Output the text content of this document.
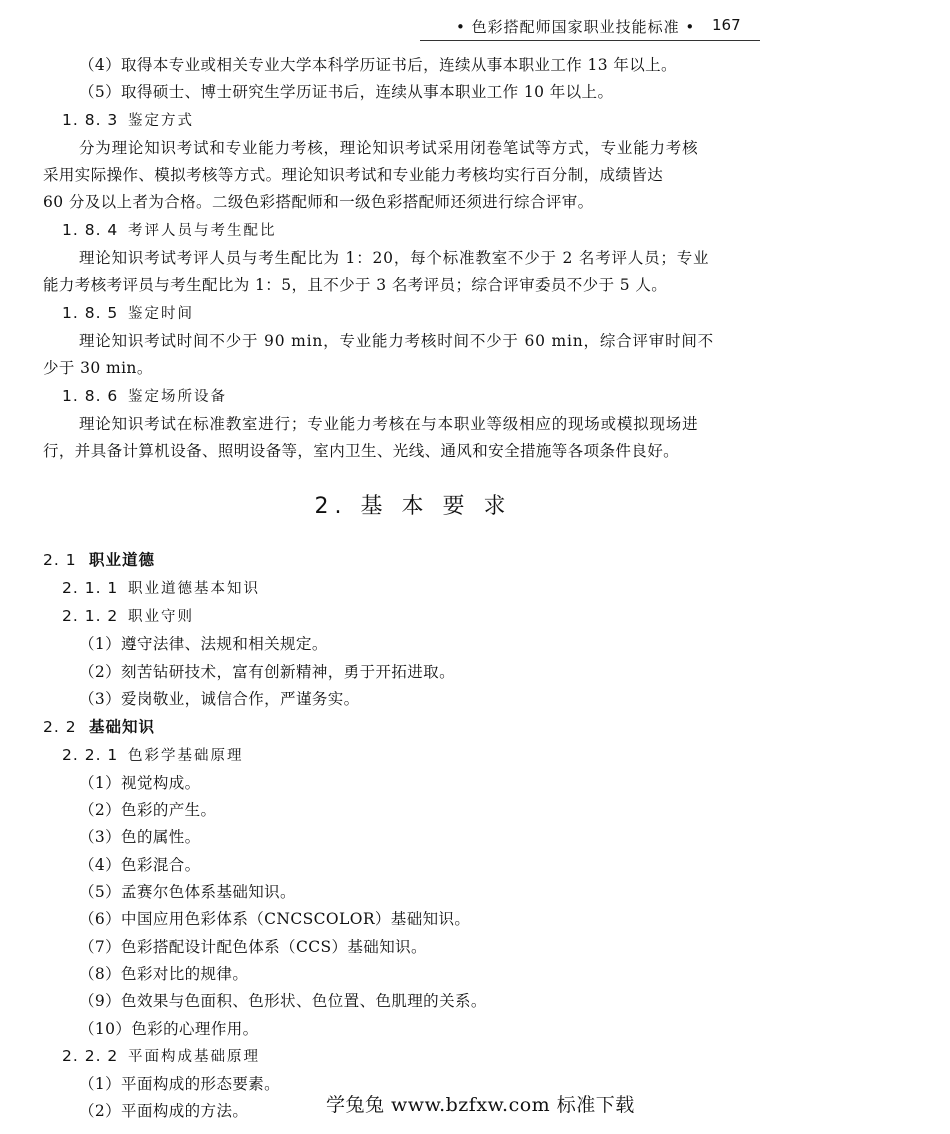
• 色彩搭配师国家职业技能标准 • 167
（4）取得本专业或相关专业大学本科学历证书后，连续从事本职业工作 13 年以上。
（5）取得硕士、博士研究生学历证书后，连续从事本职业工作 10 年以上。
1. 8. 3 鉴定方式
分为理论知识考试和专业能力考核，理论知识考试采用闭卷笔试等方式，专业能力考核
采用实际操作、模拟考核等方式。理论知识考试和专业能力考核均实行百分制，成绩皆达
60 分及以上者为合格。二级色彩搭配师和一级色彩搭配师还须进行综合评审。
1. 8. 4 考评人员与考生配比
理论知识考试考评人员与考生配比为 1：20，每个标准教室不少于 2 名考评人员；专业
能力考核考评员与考生配比为 1：5，且不少于 3 名考评员；综合评审委员不少于 5 人。
1. 8. 5 鉴定时间
理论知识考试时间不少于 90 min，专业能力考核时间不少于 60 min，综合评审时间不
少于 30 min。
1. 8. 6 鉴定场所设备
理论知识考试在标准教室进行；专业能力考核在与本职业等级相应的现场或模拟现场进
行，并具备计算机设备、照明设备等，室内卫生、光线、通风和安全措施等各项条件良好。
2. 基 本 要 求
2. 1 职业道德
2. 1. 1 职业道德基本知识
2. 1. 2 职业守则
（1）遵守法律、法规和相关规定。
（2）刻苦钻研技术，富有创新精神，勇于开拓进取。
（3）爱岗敬业，诚信合作，严谨务实。
2. 2 基础知识
2. 2. 1 色彩学基础原理
（1）视觉构成。
（2）色彩的产生。
（3）色的属性。
（4）色彩混合。
（5）孟赛尔色体系基础知识。
（6）中国应用色彩体系（CNCSCOLOR）基础知识。
（7）色彩搭配设计配色体系（CCS）基础知识。
（8）色彩对比的规律。
（9）色效果与色面积、色形状、色位置、色肌理的关系。
（10）色彩的心理作用。
2. 2. 2 平面构成基础原理
（1）平面构成的形态要素。
（2）平面构成的方法。	学兔兔 www.bzfxw.com 标准下载
